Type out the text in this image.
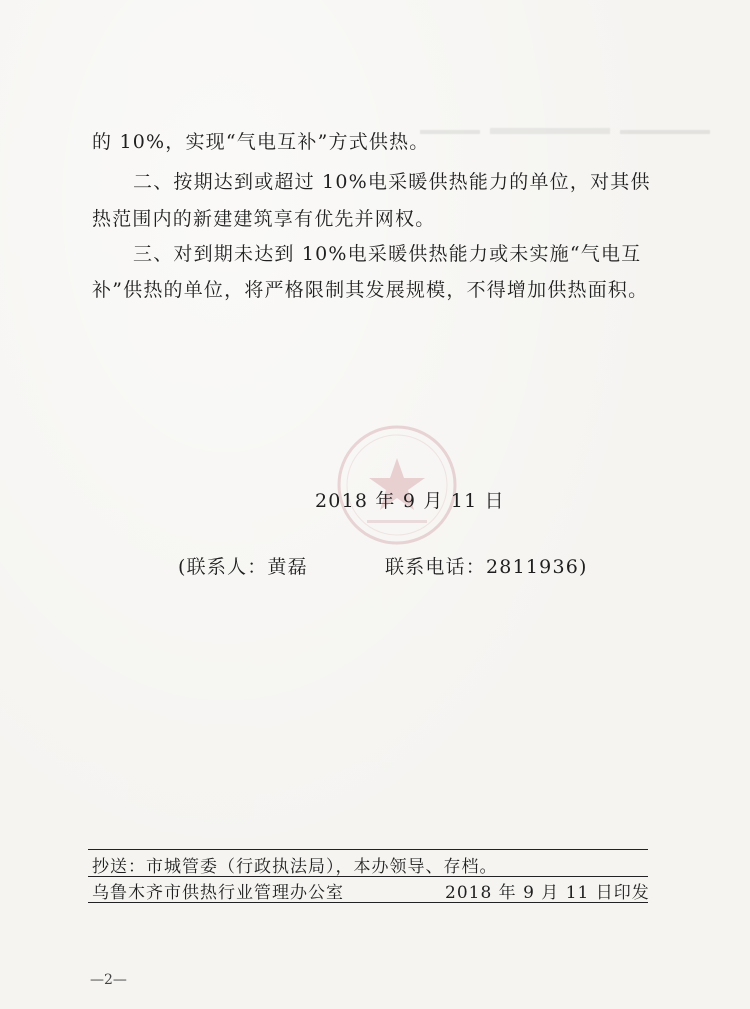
的 10%，实现“气电互补”方式供热。
二、按期达到或超过 10%电采暖供热能力的单位，对其供
热范围内的新建建筑享有优先并网权。
三、对到期未达到 10%电采暖供热能力或未实施“气电互
补”供热的单位，将严格限制其发展规模，不得增加供热面积。
2018 年 9 月 11 日
(联系人：黄磊	联系电话：2811936)
抄送：市城管委（行政执法局），本办领导、存档。
乌鲁木齐市供热行业管理办公室	2018 年 9 月 11 日印发
—2—
